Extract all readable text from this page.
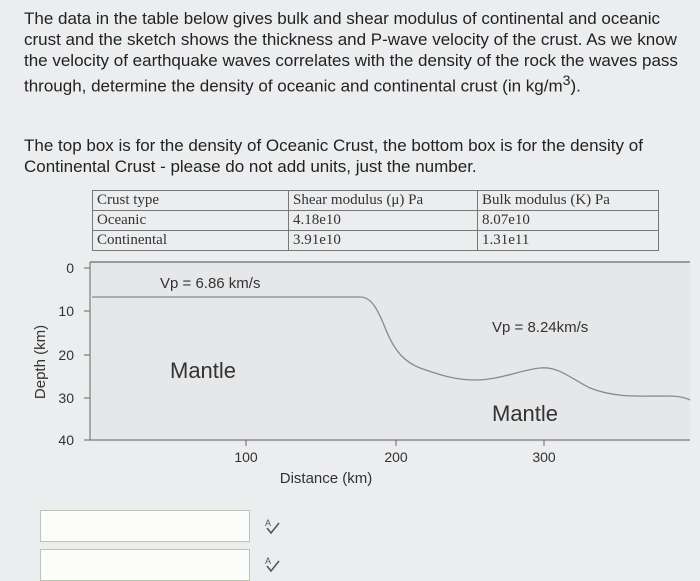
The data in the table below gives bulk and shear modulus of continental and oceanic crust and the sketch shows the thickness and P-wave velocity of the crust. As we know the velocity of earthquake waves correlates with the density of the rock the waves pass through, determine the density of oceanic and continental crust (in $kg/m^3$).

The top box is for the density of Oceanic Crust, the bottom box is for the density of Continental Crust - please do not add units, just the number.

Crust type	Shear modulus (μ) Pa	Bulk modulus (K) Pa
Oceanic	4.18e10	8.07e10
Continental	3.91e10	1.31e11
0
10
20
30
40
100	200	300
Depth (km)
Distance (km)
Vp = 6.86 km/s
Vp = 8.24km/s
Mantle
Mantle
A
A
